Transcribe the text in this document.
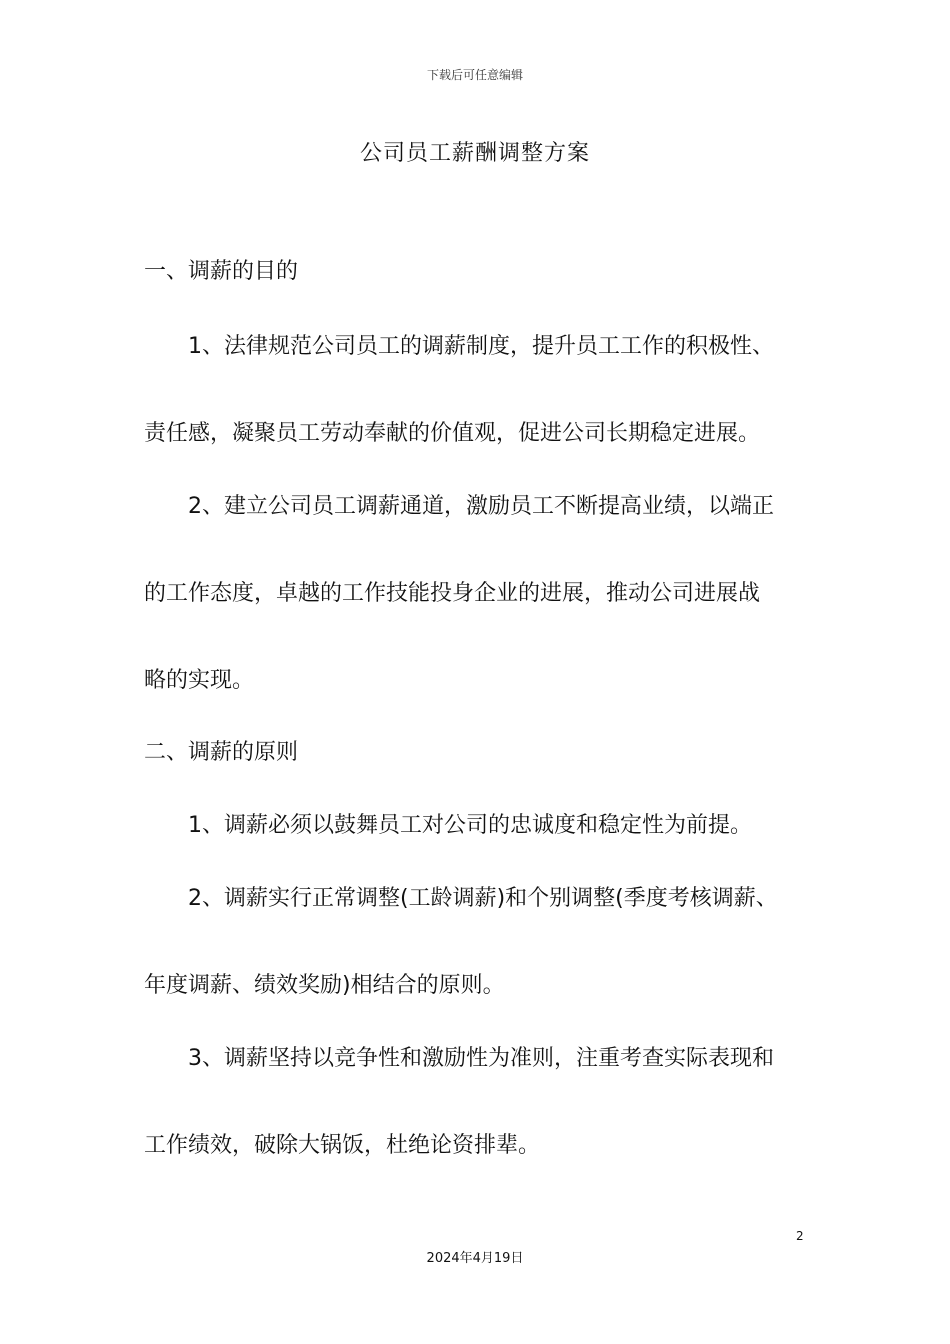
下载后可任意编辑
公司员工薪酬调整方案
一、调薪的目的
1、法律规范公司员工的调薪制度，提升员工工作的积极性、
责任感，凝聚员工劳动奉献的价值观，促进公司长期稳定进展。
2、建立公司员工调薪通道，激励员工不断提高业绩，以端正
的工作态度，卓越的工作技能投身企业的进展，推动公司进展战
略的实现。
二、调薪的原则
1、调薪必须以鼓舞员工对公司的忠诚度和稳定性为前提。
2、调薪实行正常调整(工龄调薪)和个别调整(季度考核调薪、
年度调薪、绩效奖励)相结合的原则。
3、调薪坚持以竞争性和激励性为准则，注重考查实际表现和
工作绩效，破除大锅饭，杜绝论资排辈。
2
2024年4月19日
